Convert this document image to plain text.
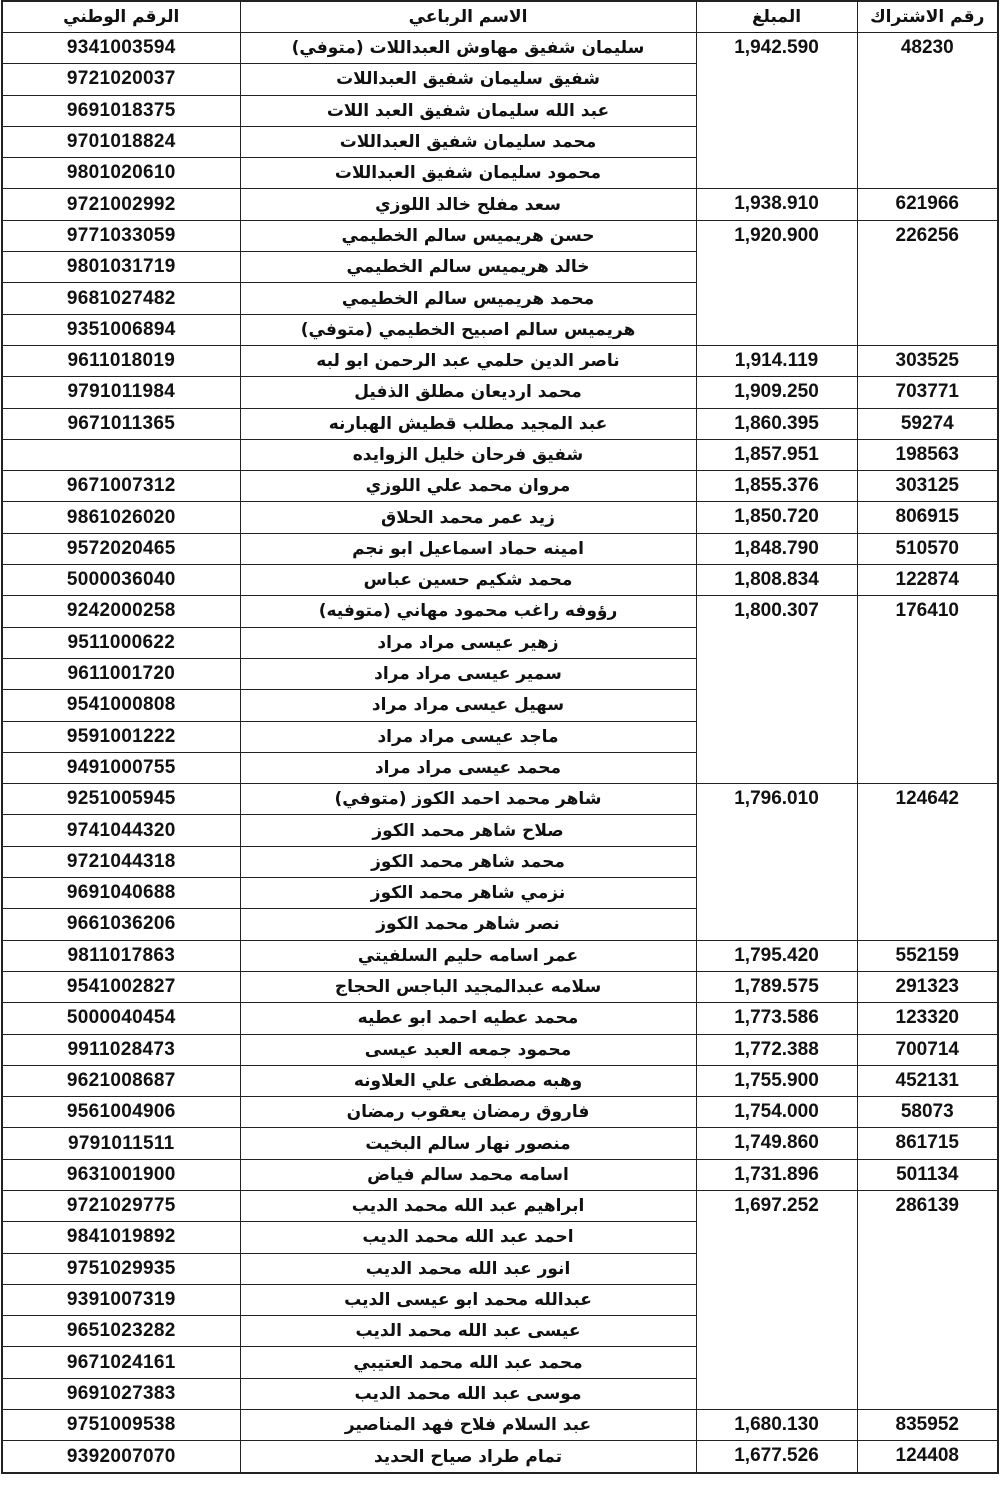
الرقم الوطني	الاسم الرباعي	المبلغ	رقم الاشتراك
9341003594	سليمان شفيق مهاوش العبداللات (متوفي)	1,942.590	48230
9721020037	شفيق سليمان شفيق العبداللات		
9691018375	عبد الله سليمان شفيق العبد اللات		
9701018824	محمد سليمان شفيق العبداللات		
9801020610	محمود سليمان شفيق العبداللات		
9721002992	سعد مفلح خالد اللوزي	1,938.910	621966
9771033059	حسن هريميس سالم الخطيمي	1,920.900	226256
9801031719	خالد هريميس سالم الخطيمي		
9681027482	محمد هريميس سالم الخطيمي		
9351006894	هريميس سالم اصبيح الخطيمي (متوفي)		
9611018019	ناصر الدين حلمي عبد الرحمن ابو لبه	1,914.119	303525
9791011984	محمد ارديعان مطلق الذفيل	1,909.250	703771
9671011365	عبد المجيد مطلب قطيش الهبارنه	1,860.395	59274
	شفيق فرحان خليل الزوايده	1,857.951	198563
9671007312	مروان محمد علي اللوزي	1,855.376	303125
9861026020	زيد عمر محمد الحلاق	1,850.720	806915
9572020465	امينه حماد اسماعيل ابو نجم	1,848.790	510570
5000036040	محمد شكيم حسين عباس	1,808.834	122874
9242000258	رؤوفه راغب محمود مهاني (متوفيه)	1,800.307	176410
9511000622	زهير عيسى مراد مراد		
9611001720	سمير عيسى مراد مراد		
9541000808	سهيل عيسى مراد مراد		
9591001222	ماجد عيسى مراد مراد		
9491000755	محمد عيسى مراد مراد		
9251005945	شاهر محمد احمد الكوز (متوفي)	1,796.010	124642
9741044320	صلاح شاهر محمد الكوز		
9721044318	محمد شاهر محمد الكوز		
9691040688	نزمي شاهر محمد الكوز		
9661036206	نصر شاهر محمد الكوز		
9811017863	عمر اسامه حليم السلفيتي	1,795.420	552159
9541002827	سلامه عبدالمجيد الباجس الحجاج	1,789.575	291323
5000040454	محمد عطيه احمد ابو عطيه	1,773.586	123320
9911028473	محمود جمعه العبد عيسى	1,772.388	700714
9621008687	وهبه مصطفى علي العلاونه	1,755.900	452131
9561004906	فاروق رمضان يعقوب رمضان	1,754.000	58073
9791011511	منصور نهار سالم البخيت	1,749.860	861715
9631001900	اسامه محمد سالم فياض	1,731.896	501134
9721029775	ابراهيم عبد الله محمد الديب	1,697.252	286139
9841019892	احمد عبد الله محمد الديب		
9751029935	انور عبد الله محمد الديب		
9391007319	عبدالله محمد ابو عيسى الديب		
9651023282	عيسى عبد الله محمد الديب		
9671024161	محمد عبد الله محمد العتيبي		
9691027383	موسى عبد الله محمد الديب		
9751009538	عبد السلام فلاح فهد المناصير	1,680.130	835952
9392007070	تمام طراد صياح الحديد	1,677.526	124408
